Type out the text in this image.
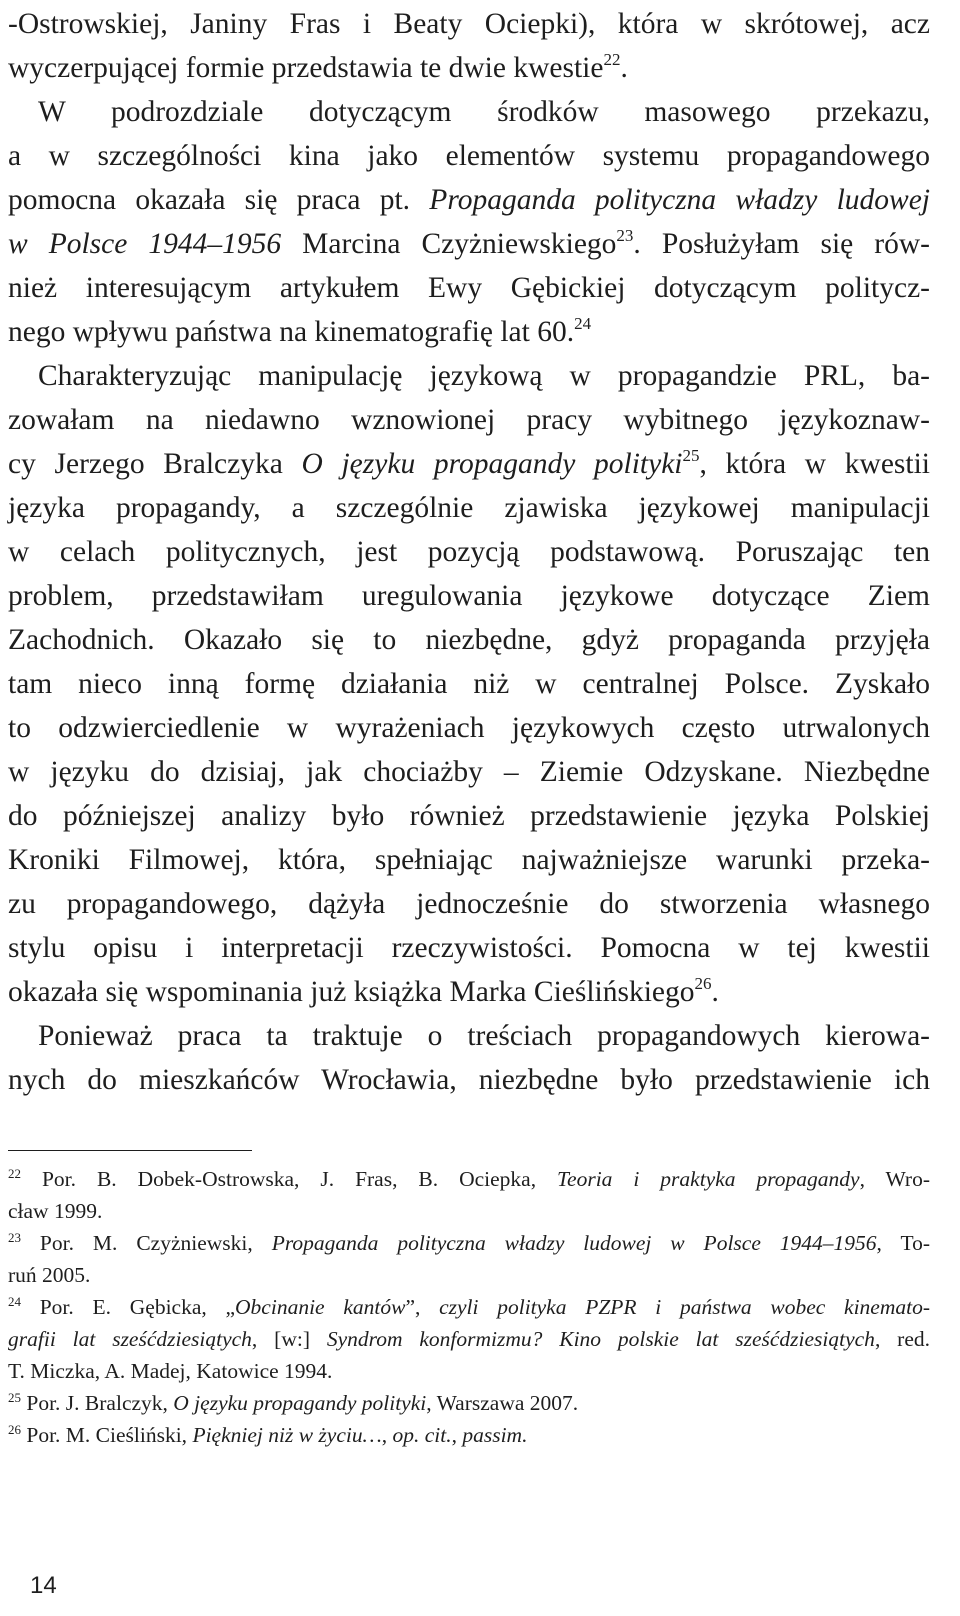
-Ostrowskiej, Janiny Fras i Beaty Ociepki), która w skrótowej, acz
wyczerpującej formie przedstawia te dwie kwestie$^{22}$.
W podrozdziale dotyczącym środków masowego przekazu,
a w szczególności kina jako elementów systemu propagandowego
pomocna okazała się praca pt. Propaganda polityczna władzy ludowej
w Polsce 1944–1956 Marcina Czyżniewskiego$^{23}$. Posłużyłam się rów-
nież interesującym artykułem Ewy Gębickiej dotyczącym politycz-
nego wpływu państwa na kinematografię lat 60.24
Charakteryzując manipulację językową w propagandzie PRL, ba-
zowałam na niedawno wznowionej pracy wybitnego językoznaw-
cy Jerzego Bralczyka O języku propagandy polityki$^{25}$, która w kwestii
języka propagandy, a szczególnie zjawiska językowej manipulacji
w celach politycznych, jest pozycją podstawową. Poruszając ten
problem, przedstawiłam uregulowania językowe dotyczące Ziem
Zachodnich. Okazało się to niezbędne, gdyż propaganda przyjęła
tam nieco inną formę działania niż w centralnej Polsce. Zyskało
to odzwierciedlenie w wyrażeniach językowych często utrwalonych
w języku do dzisiaj, jak chociażby – Ziemie Odzyskane. Niezbędne
do późniejszej analizy było również przedstawienie języka Polskiej
Kroniki Filmowej, która, spełniając najważniejsze warunki przeka-
zu propagandowego, dążyła jednocześnie do stworzenia własnego
stylu opisu i interpretacji rzeczywistości. Pomocna w tej kwestii
okazała się wspominania już książka Marka Cieślińskiego$^{26}$.
Ponieważ praca ta traktuje o treściach propagandowych kierowa-
nych do mieszkańców Wrocławia, niezbędne było przedstawienie ich
$^{22}$ Por. B. Dobek-Ostrowska, J. Fras, B. Ociepka, Teoria i praktyka propagandy, Wro-
cław 1999.
$^{23}$ Por. M. Czyżniewski, Propaganda polityczna władzy ludowej w Polsce 1944–1956, To-
ruń 2005.
$^{24}$ Por. E. Gębicka, „Obcinanie kantów”, czyli polityka PZPR i państwa wobec kinemato-
grafii lat sześćdziesiątych, [w:] Syndrom konformizmu? Kino polskie lat sześćdziesiątych, red.
T. Miczka, A. Madej, Katowice 1994.
$^{25}$ Por. J. Bralczyk, O języku propagandy polityki, Warszawa 2007.
$^{26}$ Por. M. Cieśliński, Piękniej niż w życiu…, op. cit., passim.
14
